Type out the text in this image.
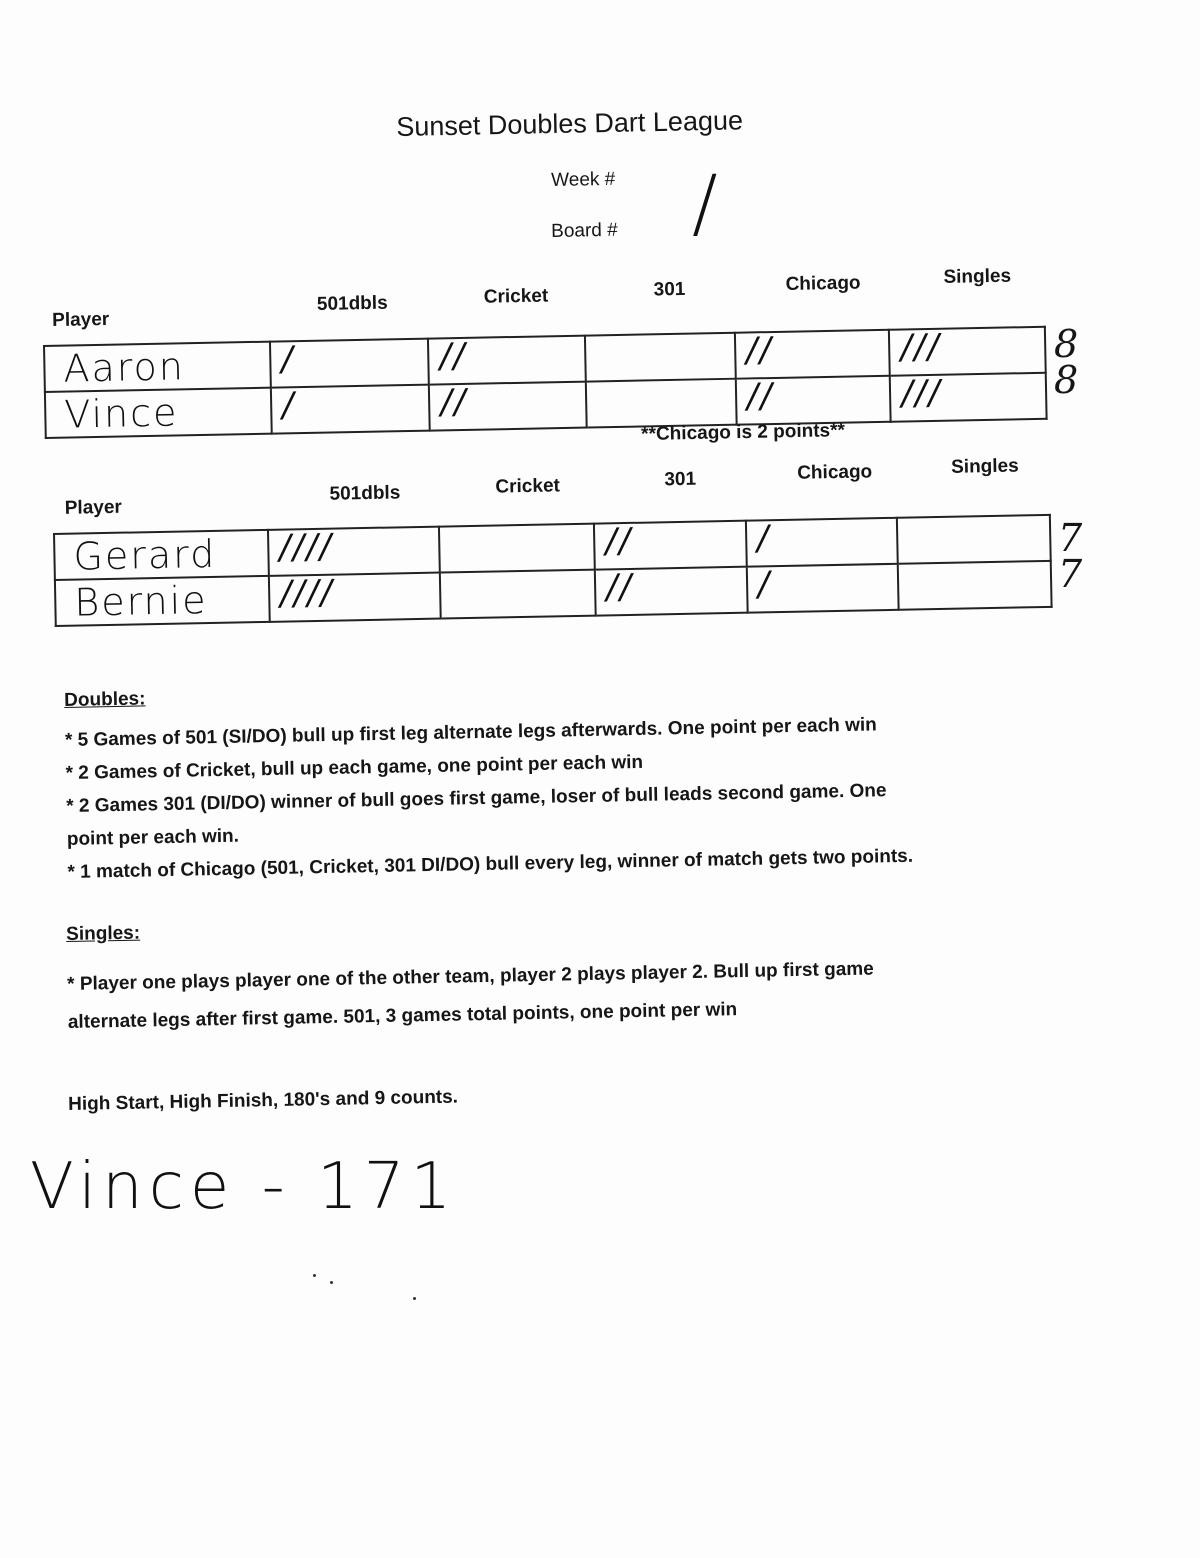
Sunset Doubles Dart League
Week #
Board # /
Player
501dbls	Cricket	301	Chicago	Singles
Aaron	/	//		//	///

Vince	/	//		//	///
8
8
**Chicago is 2 points**
Player
501dbls	Cricket	301	Chicago	Singles
Gerard	////		//	/	

Bernie	////		//	/	

7
7
Doubles:

* 5 Games of 501 (SI/DO) bull up first leg alternate legs afterwards. One point per each win

* 2 Games of Cricket, bull up each game, one point per each win

* 2 Games 301 (DI/DO) winner of bull goes first game, loser of bull leads second game. One

point per each win.

* 1 match of Chicago (501, Cricket, 301 DI/DO) bull every leg, winner of match gets two points.

Singles:

* Player one plays player one of the other team, player 2 plays player 2. Bull up first game

alternate legs after first game. 501, 3 games total points, one point per win

High Start, High Finish, 180's and 9 counts.
Vince - 171
